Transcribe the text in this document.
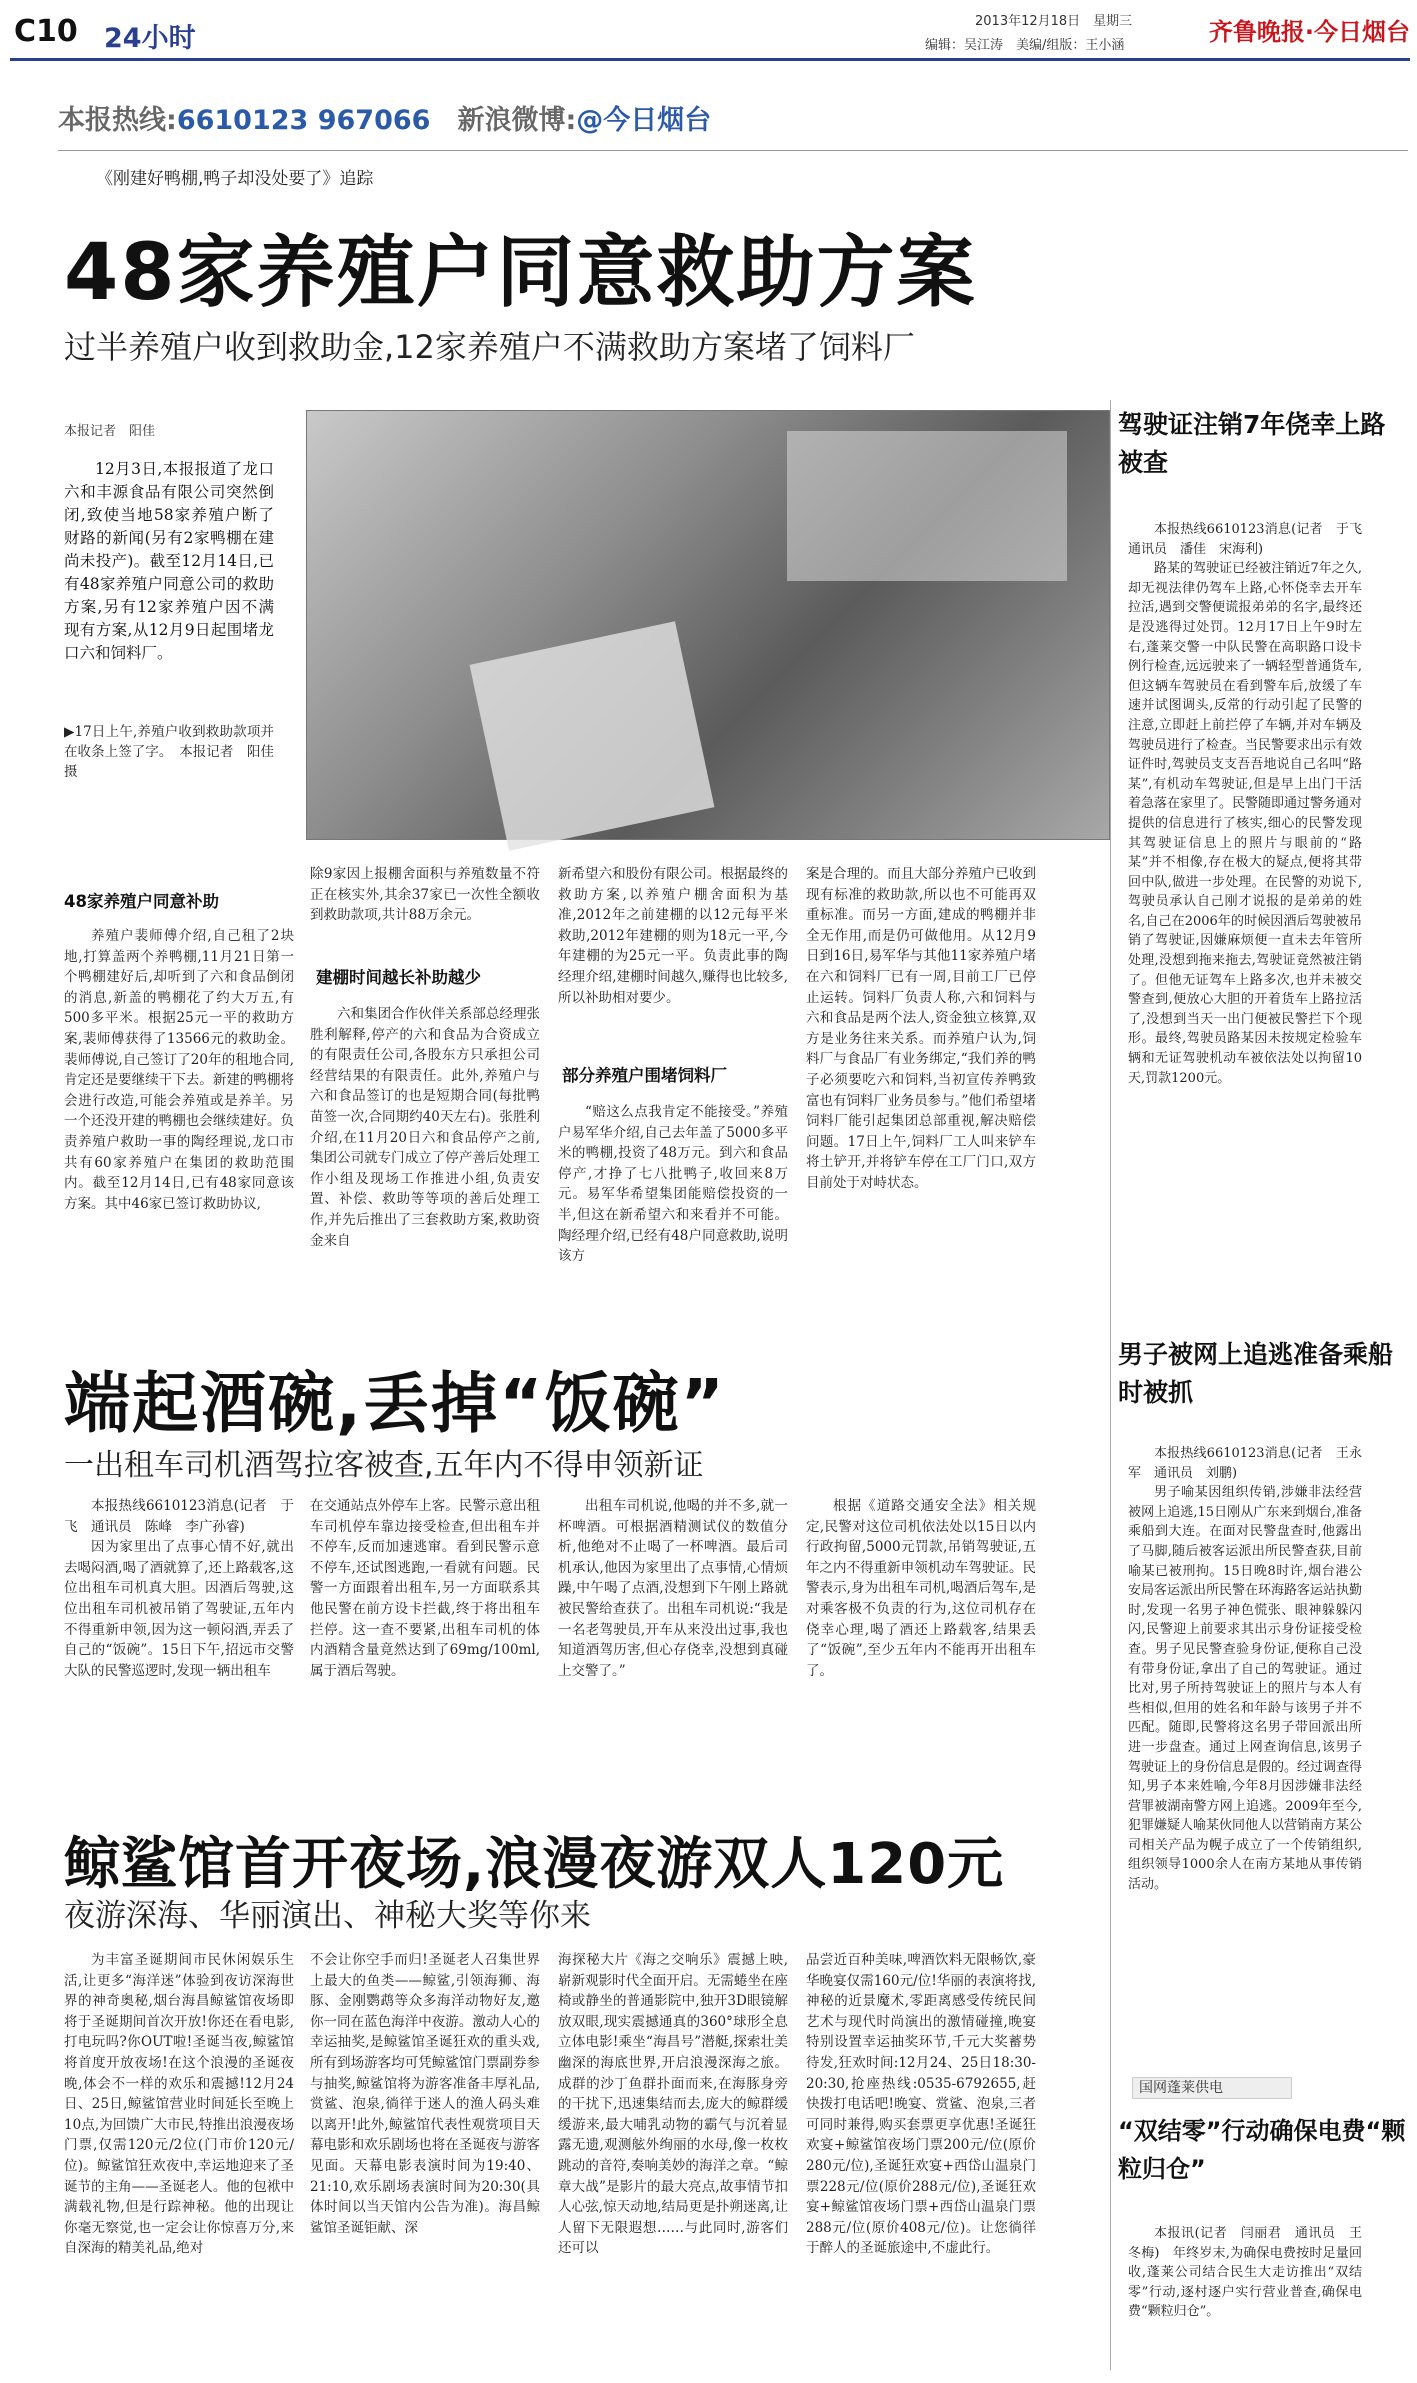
C10 24小时
2013年12月18日　星期三
编辑：吴江涛　美编/组版：王小涵	齐鲁晚报·今日烟台
本报热线:6610123 967066　 新浪微博:@今日烟台
《刚建好鸭棚,鸭子却没处要了》追踪
48家养殖户同意救助方案
过半养殖户收到救助金,12家养殖户不满救助方案堵了饲料厂
本报记者　阳佳
12月3日,本报报道了龙口六和丰源食品有限公司突然倒闭,致使当地58家养殖户断了财路的新闻(另有2家鸭棚在建尚未投产)。截至12月14日,已有48家养殖户同意公司的救助方案,另有12家养殖户因不满现有方案,从12月9日起围堵龙口六和饲料厂。
▶17日上午,养殖户收到救助款项并在收条上签了字。　本报记者　阳佳　摄
48家养殖户同意补助

养殖户裴师傅介绍,自己租了2块地,打算盖两个养鸭棚,11月21日第一个鸭棚建好后,却听到了六和食品倒闭的消息,新盖的鸭棚花了约大万五,有500多平米。根据25元一平的救助方案,裴师傅获得了13566元的救助金。裴师傅说,自己签订了20年的租地合同,肯定还是要继续干下去。新建的鸭棚将会进行改造,可能会养殖或是养羊。另一个还没开建的鸭棚也会继续建好。负责养殖户救助一事的陶经理说,龙口市共有60家养殖户在集团的救助范围内。截至12月14日,已有48家同意该方案。其中46家已签订救助协议,

除9家因上报棚舍面积与养殖数量不符正在核实外,其余37家已一次性全额收到救助款项,共计88万余元。

建棚时间越长补助越少

六和集团合作伙伴关系部总经理张胜利解释,停产的六和食品为合资成立的有限责任公司,各股东方只承担公司经营结果的有限责任。此外,养殖户与六和食品签订的也是短期合同(每批鸭苗签一次,合同期约40天左右)。张胜利介绍,在11月20日六和食品停产之前,集团公司就专门成立了停产善后处理工作小组及现场工作推进小组,负责安置、补偿、救助等等项的善后处理工作,并先后推出了三套救助方案,救助资金来自

新希望六和股份有限公司。根据最终的救助方案,以养殖户棚舍面积为基准,2012年之前建棚的以12元每平米救助,2012年建棚的则为18元一平,今年建棚的为25元一平。负责此事的陶经理介绍,建棚时间越久,赚得也比较多,所以补助相对要少。

部分养殖户围堵饲料厂

“赔这么点我肯定不能接受。”养殖户易军华介绍,自己去年盖了5000多平米的鸭棚,投资了48万元。到六和食品停产,才挣了七八批鸭子,收回来8万元。易军华希望集团能赔偿投资的一半,但这在新希望六和来看并不可能。陶经理介绍,已经有48户同意救助,说明该方

案是合理的。而且大部分养殖户已收到现有标准的救助款,所以也不可能再双重标准。而另一方面,建成的鸭棚并非全无作用,而是仍可做他用。从12月9日到16日,易军华与其他11家养殖户堵在六和饲料厂已有一周,目前工厂已停止运转。饲料厂负责人称,六和饲料与六和食品是两个法人,资金独立核算,双方是业务往来关系。而养殖户认为,饲料厂与食品厂有业务绑定,“我们养的鸭子必须要吃六和饲料,当初宣传养鸭致富也有饲料厂业务员参与。”他们希望堵饲料厂能引起集团总部重视,解决赔偿问题。17日上午,饲料厂工人叫来铲车将土铲开,并将铲车停在工厂门口,双方目前处于对峙状态。

端起酒碗,丢掉“饭碗”
一出租车司机酒驾拉客被查,五年内不得申领新证

本报热线6610123消息(记者　于飞　通讯员　陈峰　李广孙睿)

因为家里出了点事心情不好,就出去喝闷酒,喝了酒就算了,还上路载客,这位出租车司机真大胆。因酒后驾驶,这位出租车司机被吊销了驾驶证,五年内不得重新申领,因为这一顿闷酒,弄丢了自己的“饭碗”。15日下午,招远市交警大队的民警巡逻时,发现一辆出租车

在交通站点外停车上客。民警示意出租车司机停车靠边接受检查,但出租车并不停车,反而加速逃窜。看到民警示意不停车,还试图逃跑,一看就有问题。民警一方面跟着出租车,另一方面联系其他民警在前方设卡拦截,终于将出租车拦停。这一查不要紧,出租车司机的体内酒精含量竟然达到了69mg/100ml,属于酒后驾驶。

出租车司机说,他喝的并不多,就一杯啤酒。可根据酒精测试仪的数值分析,他绝对不止喝了一杯啤酒。最后司机承认,他因为家里出了点事情,心情烦躁,中午喝了点酒,没想到下午刚上路就被民警给查获了。出租车司机说:“我是一名老驾驶员,开车从来没出过事,我也知道酒驾历害,但心存侥幸,没想到真碰上交警了。”

根据《道路交通安全法》相关规定,民警对这位司机依法处以15日以内行政拘留,5000元罚款,吊销驾驶证,五年之内不得重新申领机动车驾驶证。民警表示,身为出租车司机,喝酒后驾车,是对乘客极不负责的行为,这位司机存在侥幸心理,喝了酒还上路载客,结果丢了“饭碗”,至少五年内不能再开出租车了。

鲸鲨馆首开夜场,浪漫夜游双人120元
夜游深海、华丽演出、神秘大奖等你来

为丰富圣诞期间市民休闲娱乐生活,让更多“海洋迷”体验到夜访深海世界的神奇奥秘,烟台海昌鲸鲨馆夜场即将于圣诞期间首次开放!你还在看电影,打电玩吗?你OUT啦!圣诞当夜,鲸鲨馆将首度开放夜场!在这个浪漫的圣诞夜晚,体会不一样的欢乐和震撼!12月24日、25日,鲸鲨馆营业时间延长至晚上10点,为回馈广大市民,特推出浪漫夜场门票,仅需120元/2位(门市价120元/位)。鲸鲨馆狂欢夜中,幸运地迎来了圣诞节的主角——圣诞老人。他的包袱中满载礼物,但是行踪神秘。他的出现让你毫无察觉,也一定会让你惊喜万分,来自深海的精美礼品,绝对

不会让你空手而归!圣诞老人召集世界上最大的鱼类——鲸鲨,引领海狮、海豚、金刚鹦鹉等众多海洋动物好友,邀你一同在蓝色海洋中夜游。激动人心的幸运抽奖,是鲸鲨馆圣诞狂欢的重头戏,所有到场游客均可凭鲸鲨馆门票副券参与抽奖,鲸鲨馆将为游客准备丰厚礼品,赏鲨、泡泉,徜徉于迷人的渔人码头难以离开!此外,鲸鲨馆代表性观赏项目天幕电影和欢乐剧场也将在圣诞夜与游客见面。天幕电影表演时间为19:40、21:10,欢乐剧场表演时间为20:30(具体时间以当天馆内公告为准)。海昌鲸鲨馆圣诞钜献、深

海探秘大片《海之交响乐》震撼上映,崭新观影时代全面开启。无需蜷坐在座椅或静坐的普通影院中,独开3D眼镜解放双眼,现实震撼通真的360°球形全息立体电影!乘坐“海昌号”潜艇,探索壮美幽深的海底世界,开启浪漫深海之旅。成群的沙丁鱼群扑面而来,在海豚身旁的干扰下,迅速集结而去,庞大的鲸群缓缓游来,最大哺乳动物的霸气与沉着显露无遗,观测舷外绚丽的水母,像一枚枚跳动的音符,奏响美妙的海洋之章。“鲸章大战”是影片的最大亮点,故事情节扣人心弦,惊天动地,结局更是扑朔迷离,让人留下无限遐想……与此同时,游客们还可以

品尝近百种美味,啤酒饮料无限畅饮,豪华晚宴仅需160元/位!华丽的表演将找,神秘的近景魔术,零距离感受传统民间艺术与现代时尚演出的激情碰撞,晚宴特别设置幸运抽奖环节,千元大奖蓄势待发,狂欢时间:12月24、25日18:30-20:30,抢座热线:0535-6792655,赶快拨打电话吧!晚宴、赏鲨、泡泉,三者可同时兼得,购买套票更享优惠!圣诞狂欢宴+鲸鲨馆夜场门票200元/位(原价280元/位),圣诞狂欢宴+西岱山温泉门票228元/位(原价288元/位),圣诞狂欢宴+鲸鲨馆夜场门票+西岱山温泉门票288元/位(原价408元/位)。让您徜徉于醉人的圣诞旅途中,不虚此行。

驾驶证注销7年侥幸上路被查

本报热线6610123消息(记者　于飞　通讯员　潘佳　宋海利)

路某的驾驶证已经被注销近7年之久,却无视法律仍驾车上路,心怀侥幸去开车拉活,遇到交警便谎报弟弟的名字,最终还是没逃得过处罚。12月17日上午9时左右,蓬莱交警一中队民警在高职路口设卡例行检查,远远驶来了一辆轻型普通货车,但这辆车驾驶员在看到警车后,放缓了车速并试图调头,反常的行动引起了民警的注意,立即赶上前拦停了车辆,并对车辆及驾驶员进行了检查。当民警要求出示有效证件时,驾驶员支支吾吾地说自己名叫“路某”,有机动车驾驶证,但是早上出门干活着急落在家里了。民警随即通过警务通对提供的信息进行了核实,细心的民警发现其驾驶证信息上的照片与眼前的“路某”并不相像,存在极大的疑点,便将其带回中队,做进一步处理。在民警的劝说下,驾驶员承认自己刚才说报的是弟弟的姓名,自己在2006年的时候因酒后驾驶被吊销了驾驶证,因嫌麻烦便一直未去年管所处理,没想到拖来拖去,驾驶证竟然被注销了。但他无证驾车上路多次,也并未被交警查到,便放心大胆的开着货车上路拉活了,没想到当天一出门便被民警拦下个现形。最终,驾驶员路某因未按规定检验车辆和无证驾驶机动车被依法处以拘留10天,罚款1200元。

男子被网上追逃准备乘船时被抓

本报热线6610123消息(记者　王永军　通讯员　刘鹏)

男子喻某因组织传销,涉嫌非法经营被网上追逃,15日刚从广东来到烟台,准备乘船到大连。在面对民警盘查时,他露出了马脚,随后被客运派出所民警查获,目前喻某已被刑拘。15日晚8时许,烟台港公安局客运派出所民警在环海路客运站执勤时,发现一名男子神色慌张、眼神躲躲闪闪,民警迎上前要求其出示身份证接受检查。男子见民警查验身份证,便称自己没有带身份证,拿出了自己的驾驶证。通过比对,男子所持驾驶证上的照片与本人有些相似,但用的姓名和年龄与该男子并不匹配。随即,民警将这名男子带回派出所进一步盘查。通过上网查询信息,该男子驾驶证上的身份信息是假的。经过调查得知,男子本来姓喻,今年8月因涉嫌非法经营罪被湖南警方网上追逃。2009年至今,犯罪嫌疑人喻某伙同他人以营销南方某公司相关产品为幌子成立了一个传销组织,组织领导1000余人在南方某地从事传销活动。

国网蓬莱供电
“双结零”行动确保电费“颗粒归仓”

本报讯(记者　闫丽君　通讯员　王冬梅)　年终岁末,为确保电费按时足量回收,蓬莱公司结合民生大走访推出“双结零”行动,逐村逐户实行营业普查,确保电费“颗粒归仓”。
